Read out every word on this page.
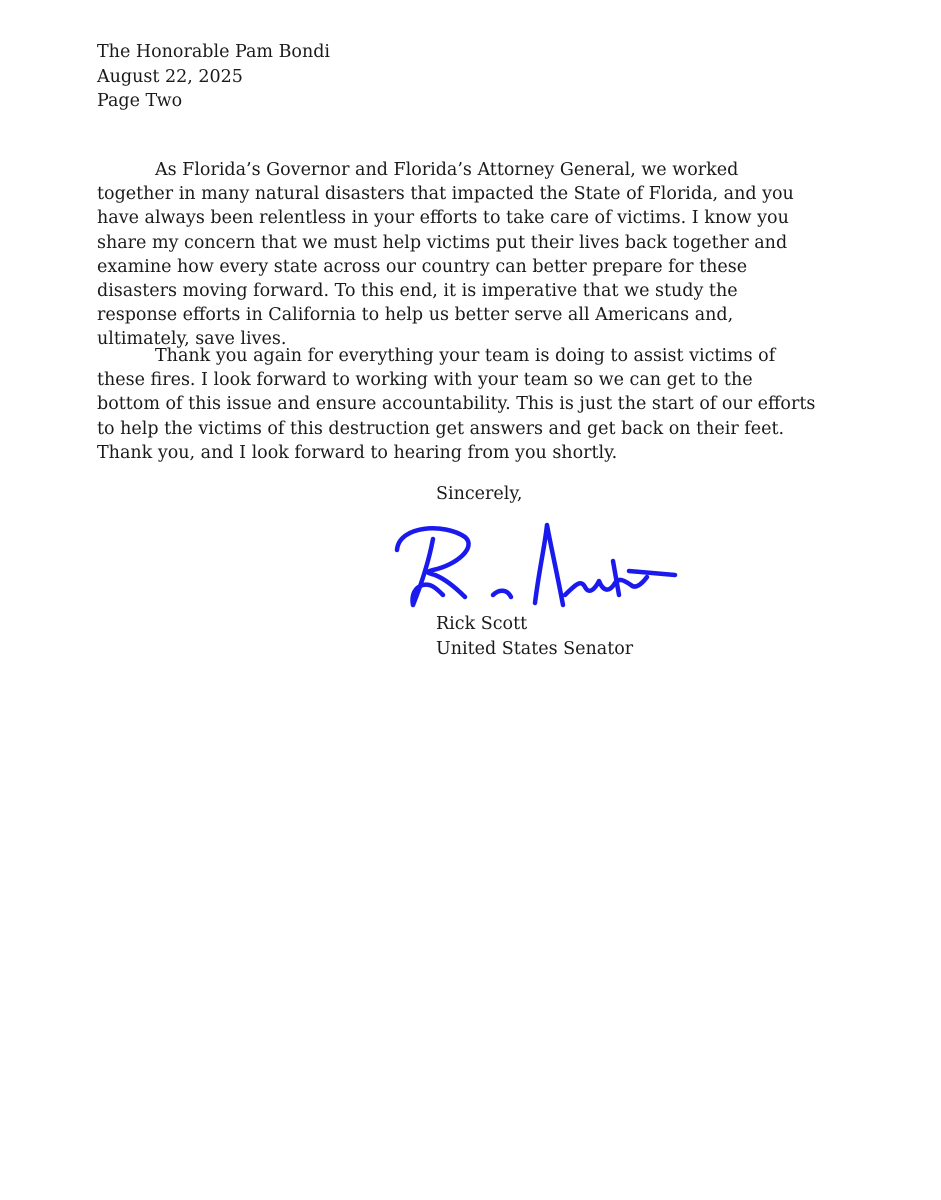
The Honorable Pam Bondi
August 22, 2025
Page Two

As Florida’s Governor and Florida’s Attorney General, we worked together in many natural disasters that impacted the State of Florida, and you have always been relentless in your efforts to take care of victims. I know you share my concern that we must help victims put their lives back together and examine how every state across our country can better prepare for these disasters moving forward. To this end, it is imperative that we study the response efforts in California to help us better serve all Americans and, ultimately, save lives.

Thank you again for everything your team is doing to assist victims of these fires. I look forward to working with your team so we can get to the bottom of this issue and ensure accountability. This is just the start of our efforts to help the victims of this destruction get answers and get back on their feet. Thank you, and I look forward to hearing from you shortly.

Sincerely,
Rick Scott
United States Senator
